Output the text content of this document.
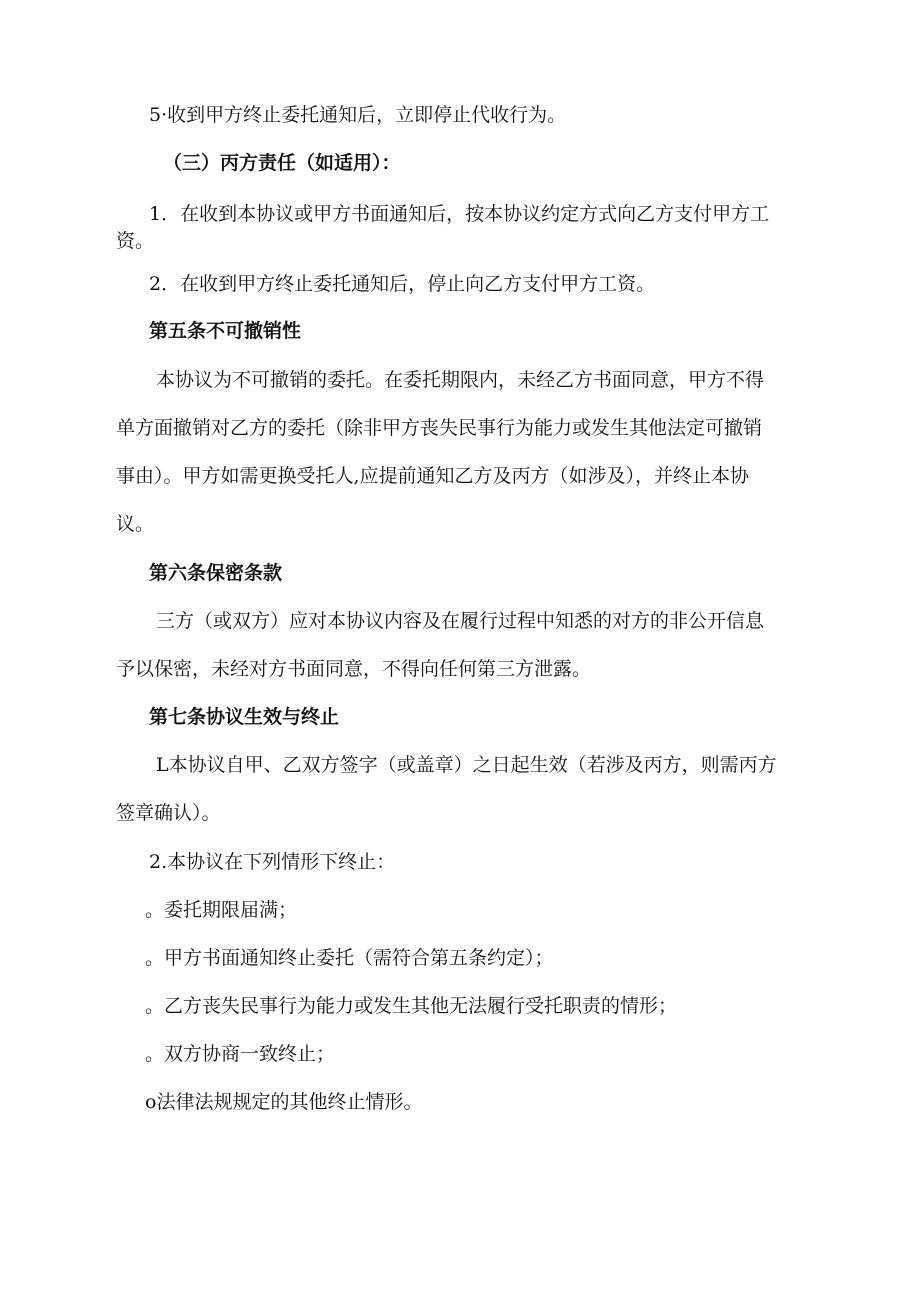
5·收到甲方终止委托通知后，立即停止代收行为。
（三）丙方责任（如适用）：
1．在收到本协议或甲方书面通知后，按本协议约定方式向乙方支付甲方工
资。
2．在收到甲方终止委托通知后，停止向乙方支付甲方工资。
第五条不可撤销性
本协议为不可撤销的委托。在委托期限内，未经乙方书面同意，甲方不得
单方面撤销对乙方的委托（除非甲方丧失民事行为能力或发生其他法定可撤销
事由）。甲方如需更换受托人,应提前通知乙方及丙方（如涉及），并终止本协
议。
第六条保密条款
三方（或双方）应对本协议内容及在履行过程中知悉的对方的非公开信息
予以保密，未经对方书面同意，不得向任何第三方泄露。
第七条协议生效与终止
L本协议自甲、乙双方签字（或盖章）之日起生效（若涉及丙方，则需丙方
签章确认）。
2.本协议在下列情形下终止：
。委托期限届满；
。甲方书面通知终止委托（需符合第五条约定）；
。乙方丧失民事行为能力或发生其他无法履行受托职责的情形；
。双方协商一致终止；
o法律法规规定的其他终止情形。
